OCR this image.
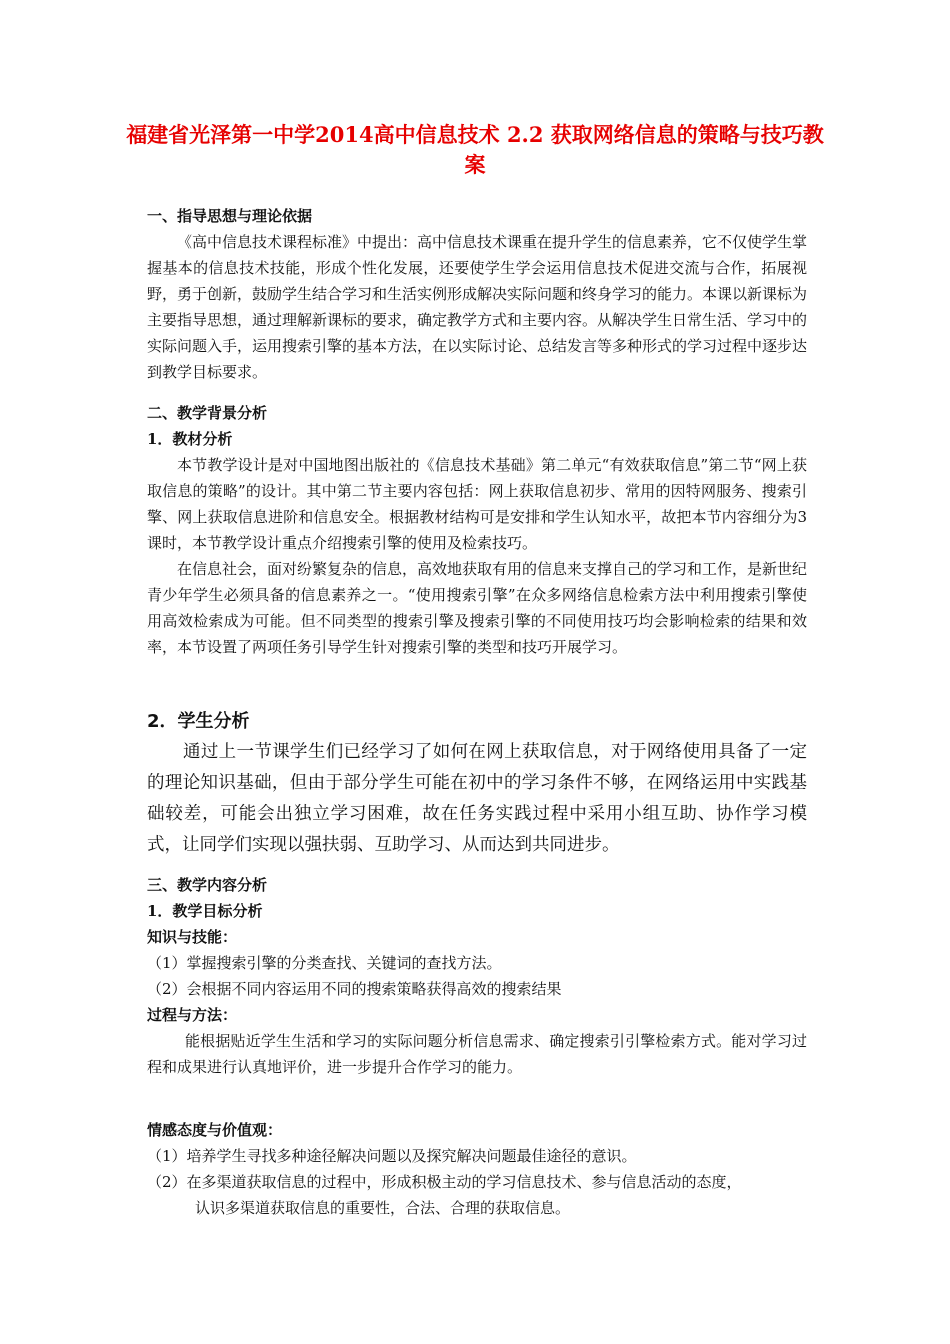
福建省光泽第一中学2014高中信息技术 2.2 获取网络信息的策略与技巧教案
一、指导思想与理论依据
《高中信息技术课程标准》中提出：高中信息技术课重在提升学生的信息素养，它不仅使学生掌握基本的信息技术技能，形成个性化发展，还要使学生学会运用信息技术促进交流与合作，拓展视野，勇于创新，鼓励学生结合学习和生活实例形成解决实际问题和终身学习的能力。本课以新课标为主要指导思想，通过理解新课标的要求，确定教学方式和主要内容。从解决学生日常生活、学习中的实际问题入手，运用搜索引擎的基本方法，在以实际讨论、总结发言等多种形式的学习过程中逐步达到教学目标要求。
二、教学背景分析
1．教材分析
本节教学设计是对中国地图出版社的《信息技术基础》第二单元“有效获取信息”第二节“网上获取信息的策略”的设计。其中第二节主要内容包括：网上获取信息初步、常用的因特网服务、搜索引擎、网上获取信息进阶和信息安全。根据教材结构可是安排和学生认知水平，故把本节内容细分为3课时，本节教学设计重点介绍搜索引擎的使用及检索技巧。
在信息社会，面对纷繁复杂的信息，高效地获取有用的信息来支撑自己的学习和工作，是新世纪青少年学生必须具备的信息素养之一。“使用搜索引擎”在众多网络信息检索方法中利用搜索引擎使用高效检索成为可能。但不同类型的搜索引擎及搜索引擎的不同使用技巧均会影响检索的结果和效率，本节设置了两项任务引导学生针对搜索引擎的类型和技巧开展学习。
2．学生分析
通过上一节课学生们已经学习了如何在网上获取信息，对于网络使用具备了一定的理论知识基础，但由于部分学生可能在初中的学习条件不够，在网络运用中实践基础较差，可能会出独立学习困难，故在任务实践过程中采用小组互助、协作学习模式，让同学们实现以强扶弱、互助学习、从而达到共同进步。
三、教学内容分析
1．教学目标分析
知识与技能：
（1）掌握搜索引擎的分类查找、关键词的查找方法。
（2）会根据不同内容运用不同的搜索策略获得高效的搜索结果
过程与方法：
能根据贴近学生生活和学习的实际问题分析信息需求、确定搜索引引擎检索方式。能对学习过程和成果进行认真地评价，进一步提升合作学习的能力。
情感态度与价值观：
（1）培养学生寻找多种途径解决问题以及探究解决问题最佳途径的意识。
（2）在多渠道获取信息的过程中，形成积极主动的学习信息技术、参与信息活动的态度，
认识多渠道获取信息的重要性，合法、合理的获取信息。
